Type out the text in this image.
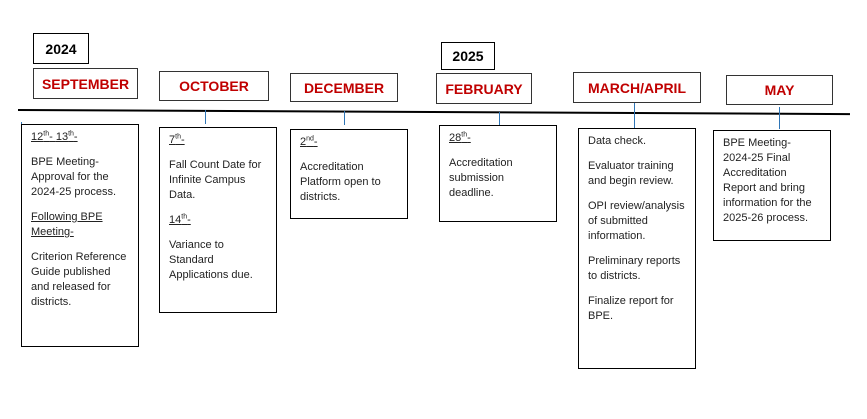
2024	2025
SEPTEMBER	OCTOBER	DECEMBER	FEBRUARY	MARCH/APRIL	MAY

12th- 13th-

BPE Meeting- Approval for the 2024-25 process.

Following BPE Meeting-

Criterion Reference Guide published and released for districts.

7th-

Fall Count Date for Infinite Campus Data.

14th-

Variance to Standard Applications due.

2nd-

Accreditation Platform open to districts.

28th-

Accreditation submission deadline.

Data check.

Evaluator training and begin review.

OPI review/analysis of submitted information.

Preliminary reports to districts.

Finalize report for BPE.

BPE Meeting- 2024-25 Final Accreditation Report and bring information for the 2025-26 process.
